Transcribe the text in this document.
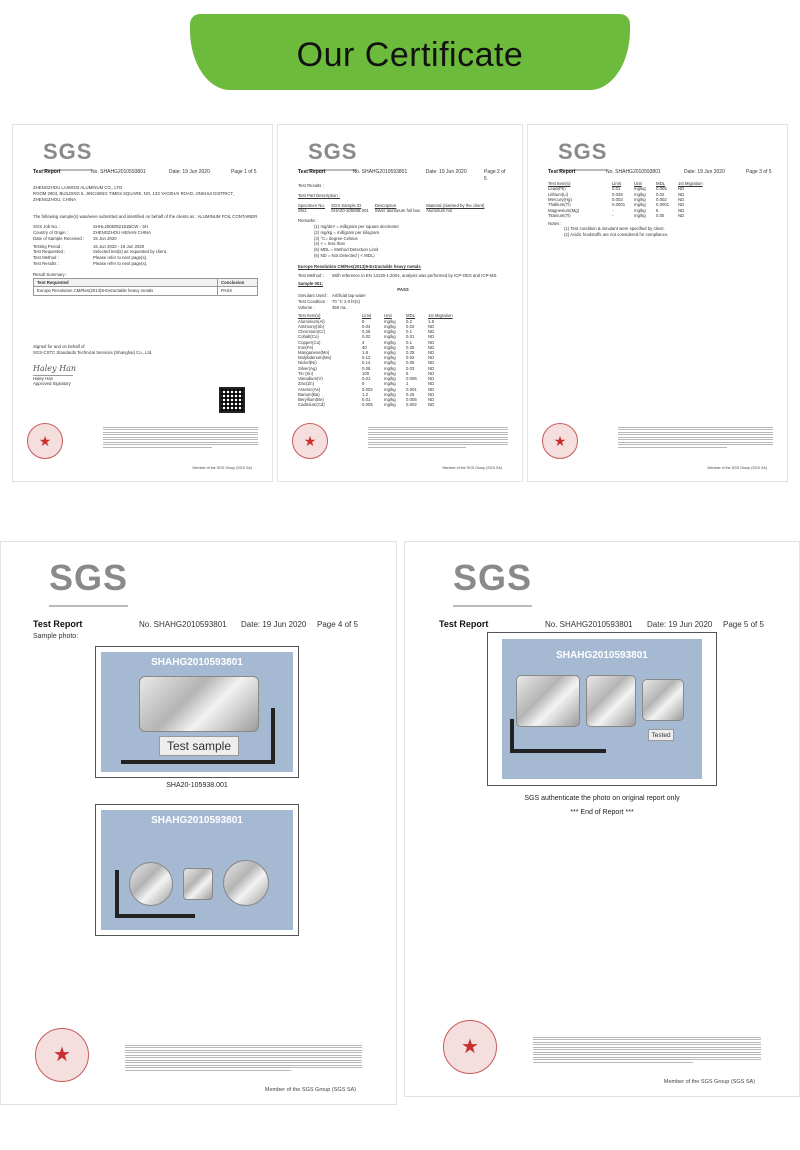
Our Certificate
SGS
Test Report	No. SHAHG2010593801	Date: 19 Jun 2020	Page 1 of 5
ZHENGZHOU LAIWOSI ALUMINUM CO., LTD
ROOM 2904, BUILDING 6, JINCHENG TIMES SQUARE, NO. 133 YAOZHAI ROAD, JINSHUI DISTRICT,
ZHENGZHOU, CHINA
The following sample(s) was/were submitted and identified on behalf of the clients as : ALUMINUM FOIL CONTAINER
SGS Job No. :	SHHL2006052161BCW - SH
Country of Origin :	ZHENGZHOU HENAN CHINA
Date of Sample Received :	15 Jun 2020
Testing Period :	15 Jun 2020 - 19 Jun 2020
Test Requested :	Selected test(s) as requested by client.
Test Method :	Please refer to next page(s).
Test Results :	Please refer to next page(s).
Result Summary :
Test Requested	Conclusion
Europe Resolution CM/Res(2013)9-Extractable heavy metals	PASS
Signed for and on behalf of
SGS-CSTC Standards Technical Services (Shanghai) Co., Ltd.
Haley Han
Haley Han
Approved Signatory
★
Member of the SGS Group (SGS SA)
SGS
Test Report	No. SHAHG2010593801	Date: 19 Jun 2020	Page 2 of 5
Test Results :
Test Part Description :
Specimen No.	SGS Sample ID	Description	Material (claimed by the client)
SN1	SHA20-105938.001	Silver aluminum foil box	Aluminum foil
Remarks :
(1) mg/dm² = milligram per square decimeter
(2) mg/kg = milligram per kilogram
(3) °C= degree Celsius
(4) < = less than
(5) MDL = Method Detection Limit
(6) ND = Not Detected ( < MDL)
Europe Resolution CM/Res(2013)9-Extractable heavy metals
Test Method :	With reference to EN 13130-1:2004, analysis was performed by ICP-OES and ICP-MS.
Sample 001:
PASS
Simulant Used : Artificial tap water
Test Condition :	70 °C 2.0 hr(s)
Volume :	350 mL
Test Item(s)	Limit	Unit	MDL	1st Migration
Aluminium(Al)	5	mg/kg	0.2	1.8
Antimony(Sb)	0.04	mg/kg	0.02	ND
Chromium(Cr)	0.25	mg/kg	0.1	ND
Cobalt(Co)	0.02	mg/kg	0.01	ND
Copper(Cu)	4	mg/kg	0.1	ND
Iron(Fe)	40	mg/kg	0.25	ND
Manganese(Mn)	1.8	mg/kg	0.25	ND
Molybdenum(Mo)	0.12	mg/kg	0.02	ND
Nickel(Ni)	0.14	mg/kg	0.05	ND
Silver(Ag)	0.08	mg/kg	0.03	ND
Tin (Sn)	100	mg/kg	5	ND
Vanadium(V)	0.01	mg/kg	0.005	ND
Zinc(Zn)	5	mg/kg	1	ND
Arsenic(As)	0.002	mg/kg	0.001	ND
Barium(Ba)	1.2	mg/kg	0.25	ND
Beryllium(Be)	0.01	mg/kg	0.005	ND
Cadmium(Cd)	0.005	mg/kg	0.002	ND
★
Member of the SGS Group (SGS SA)
SGS
Test Report	No. SHAHG2010593801	Date: 19 Jun 2020	Page 3 of 5
Test Item(s)	Limit	Unit	MDL	1st Migration
Lead(Pb)	0.01	mg/kg	0.005	ND
Lithium(Li)	0.048	mg/kg	0.02	ND
Mercury(Hg)	0.003	mg/kg	0.002	ND
Thallium(Tl)	0.0001	mg/kg	0.0001	ND
Magnesium(Mg)	-	mg/kg	5	ND
Titanium(Ti)	-	mg/kg	0.05	ND
Notes :
(1) Test condition & simulant were specified by client.
(2) Acidic foodstuffs are not considered for compliance.
★
Member of the SGS Group (SGS SA)
SGS
Test Report	No. SHAHG2010593801	Date: 19 Jun 2020	Page 4 of 5
Sample photo:
SHAHG2010593801
Test sample
SHA20-105938.001
SHAHG2010593801
★
Member of the SGS Group (SGS SA)
SGS
Test Report	No. SHAHG2010593801	Date: 19 Jun 2020	Page 5 of 5
SHAHG2010593801
Tested
SGS authenticate the photo on original report only
*** End of Report ***
★
Member of the SGS Group (SGS SA)
